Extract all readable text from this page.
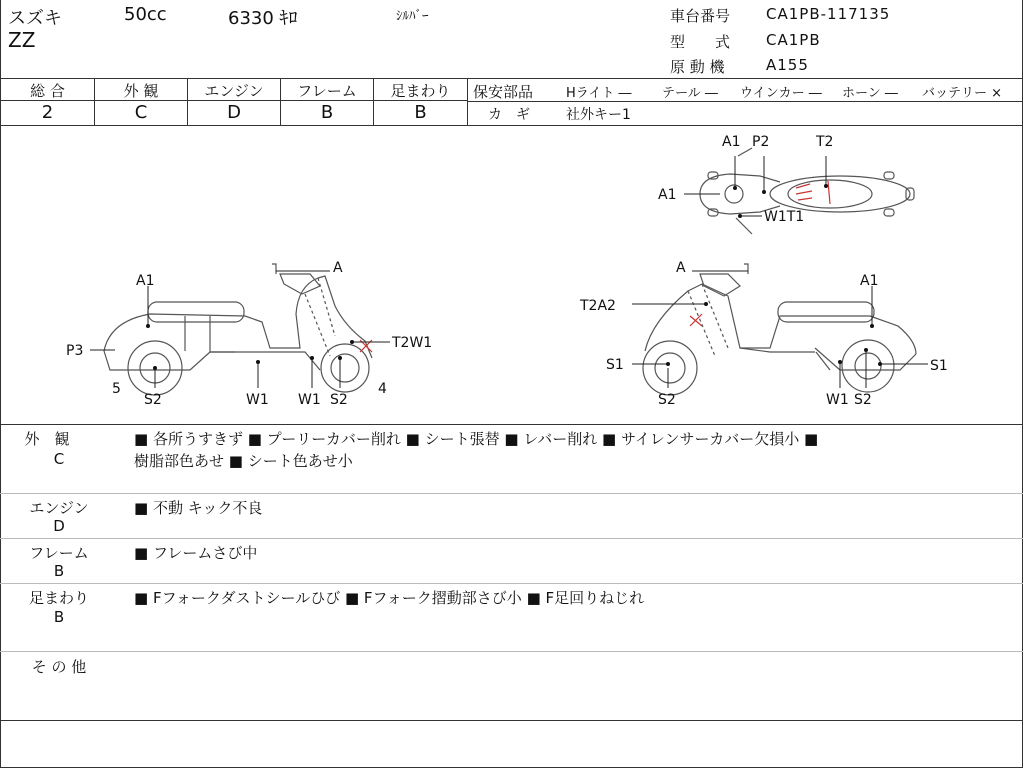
スズキ	50cc	6330 ｷﾛ	ｼﾙﾊﾞｰ
ZZ
車台番号 CA1PB-117135
型　　式 CA1PB
原 動 機	A155
総 合	外 観	エンジン	フレーム	足まわり
2	C	D	B	B
保安部品	Hライト ― テール ― ウインカー ― ホーン ― バッテリー ×
カ　ギ	社外キー1
A1 P2	T2
A1
W1T1
A
A1
P3	T2W1
5
S2	W1 W1 S2
4
A
A1
T2A2
S1	S1
S2	W1 S2
外　観
C
■ 各所うすきず ■ プーリーカバー削れ ■ シート張替 ■ レバー削れ ■ サイレンサーカバー欠損小 ■
樹脂部色あせ ■ シート色あせ小
エンジン
D
■ 不動 キック不良
フレーム
B
■ フレームさび中
足まわり
B
■ Fフォークダストシールひび ■ Fフォーク摺動部さび小 ■ F足回りねじれ
そ の 他
